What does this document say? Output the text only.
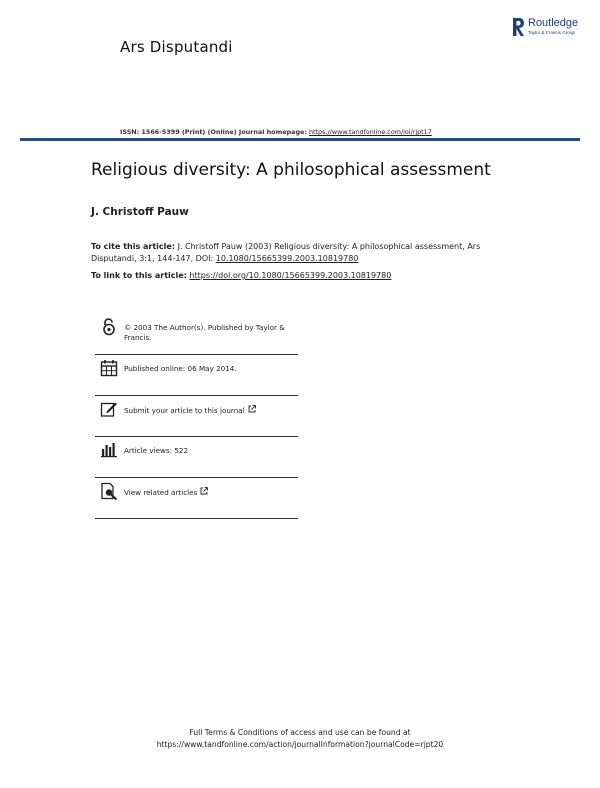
Ars Disputandi
Routledge
Taylor & Francis Group
ISSN: 1566-5399 (Print) (Online) Journal homepage: https://www.tandfonline.com/loi/rjpt17
Religious diversity: A philosophical assessment
J. Christoff Pauw
To cite this article: J. Christoff Pauw (2003) Religious diversity: A philosophical assessment, Ars Disputandi, 3:1, 144-147, DOI: 10.1080/15665399.2003.10819780
To link to this article: https://doi.org/10.1080/15665399.2003.10819780
© 2003 The Author(s). Published by Taylor & Francis.
Published online: 06 May 2014.
Submit your article to this journal
Article views: 522
View related articles
Full Terms & Conditions of access and use can be found at
https://www.tandfonline.com/action/journalInformation?journalCode=rjpt20
